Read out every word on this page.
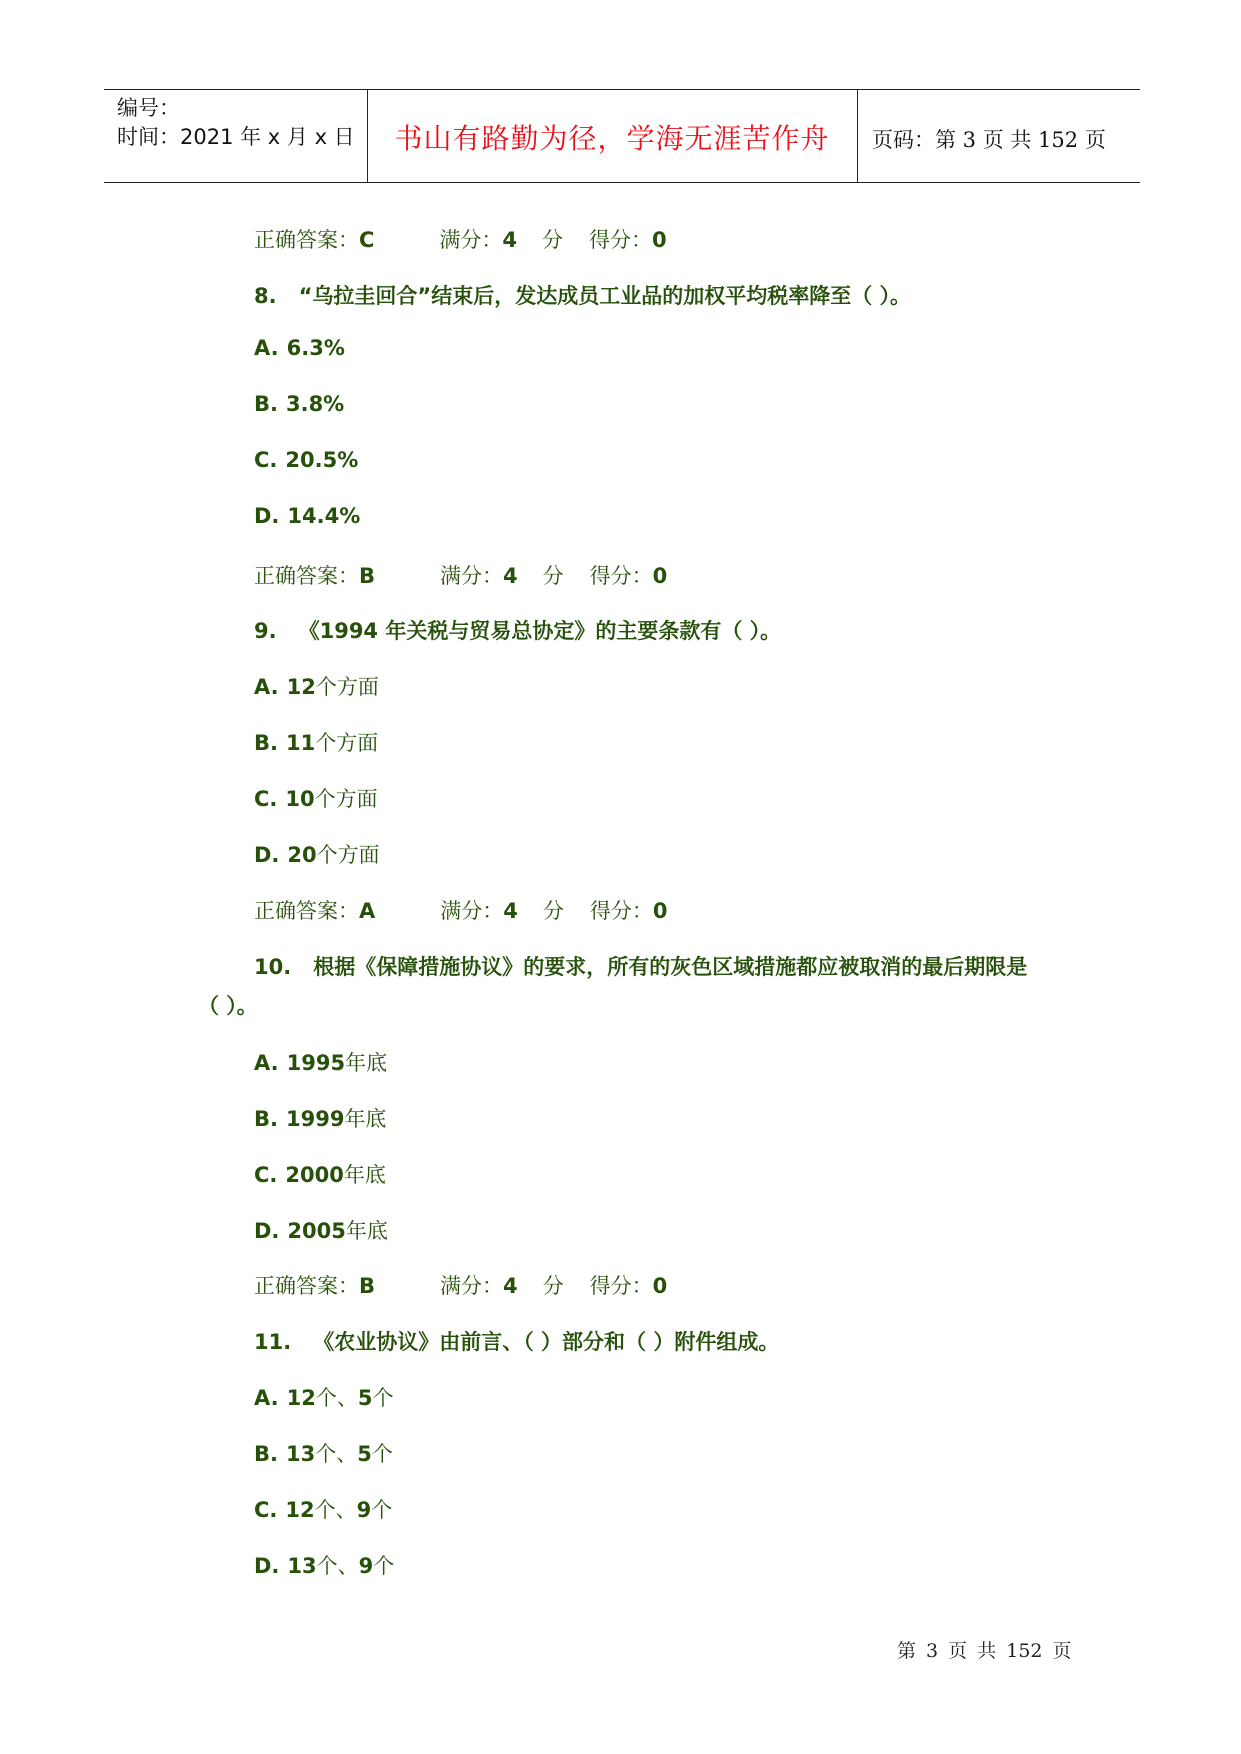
编号：
时间：2021 年 x 月 x 日	书山有路勤为径，学海无涯苦作舟	页码：第 3 页 共 152 页
正确答案：C	满分：4 分 得分：0
8. “乌拉圭回合”结束后，发达成员工业品的加权平均税率降至（ ）。
A. 6.3%
B. 3.8%
C. 20.5%
D. 14.4%
正确答案：B	满分：4 分 得分：0
9. 《1994 年关税与贸易总协定》的主要条款有（ ）。
A. 12个方面
B. 11个方面
C. 10个方面
D. 20个方面
正确答案：A	满分：4 分 得分：0
10. 根据《保障措施协议》的要求，所有的灰色区域措施都应被取消的最后期限是
（ ）。
A. 1995年底
B. 1999年底
C. 2000年底
D. 2005年底
正确答案：B	满分：4 分 得分：0
11. 《农业协议》由前言、（ ）部分和（ ）附件组成。
A. 12个、5个
B. 13个、5个
C. 12个、9个
D. 13个、9个
第 3 页 共 152 页
